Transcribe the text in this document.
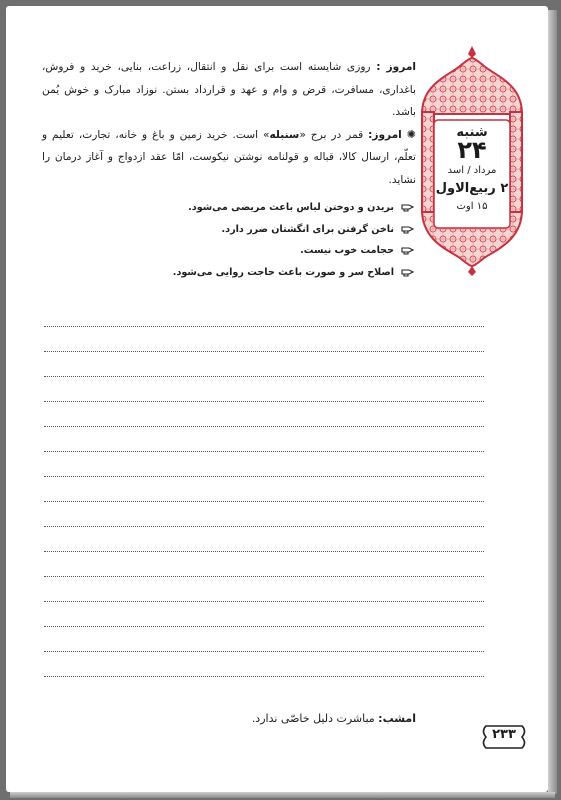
شنبه
۲۴
مرداد / اسد
۲ ربیع‌الاول
۱۵ اوت

امروز : روزی شایسته است برای نقل و انتقال، زراعت، بنایی، خرید و فروش، باغداری، مسافرت، قرض و وام و عهد و قرارداد بستن. نوزاد مبارک و خوش یُمن باشد.

✺ امروز: قمر در برج «سنبله» است. خرید زمین و باغ و خانه، تجارت، تعلیم و تعلّم، ارسال کالا، قباله و قولنامه نوشتن نیکوست، امّا عقد ازدواج و آغاز درمان را نشاید.

بریدن و دوختن لباس باعث مریضی می‌شود.
ناخن گرفتن برای انگشتان ضرر دارد.
حجامت خوب نیست.
اصلاح سر و صورت باعث حاجت روایی می‌شود.
امشب: مباشرت دلیل خاصّی ندارد.
۲۳۳
